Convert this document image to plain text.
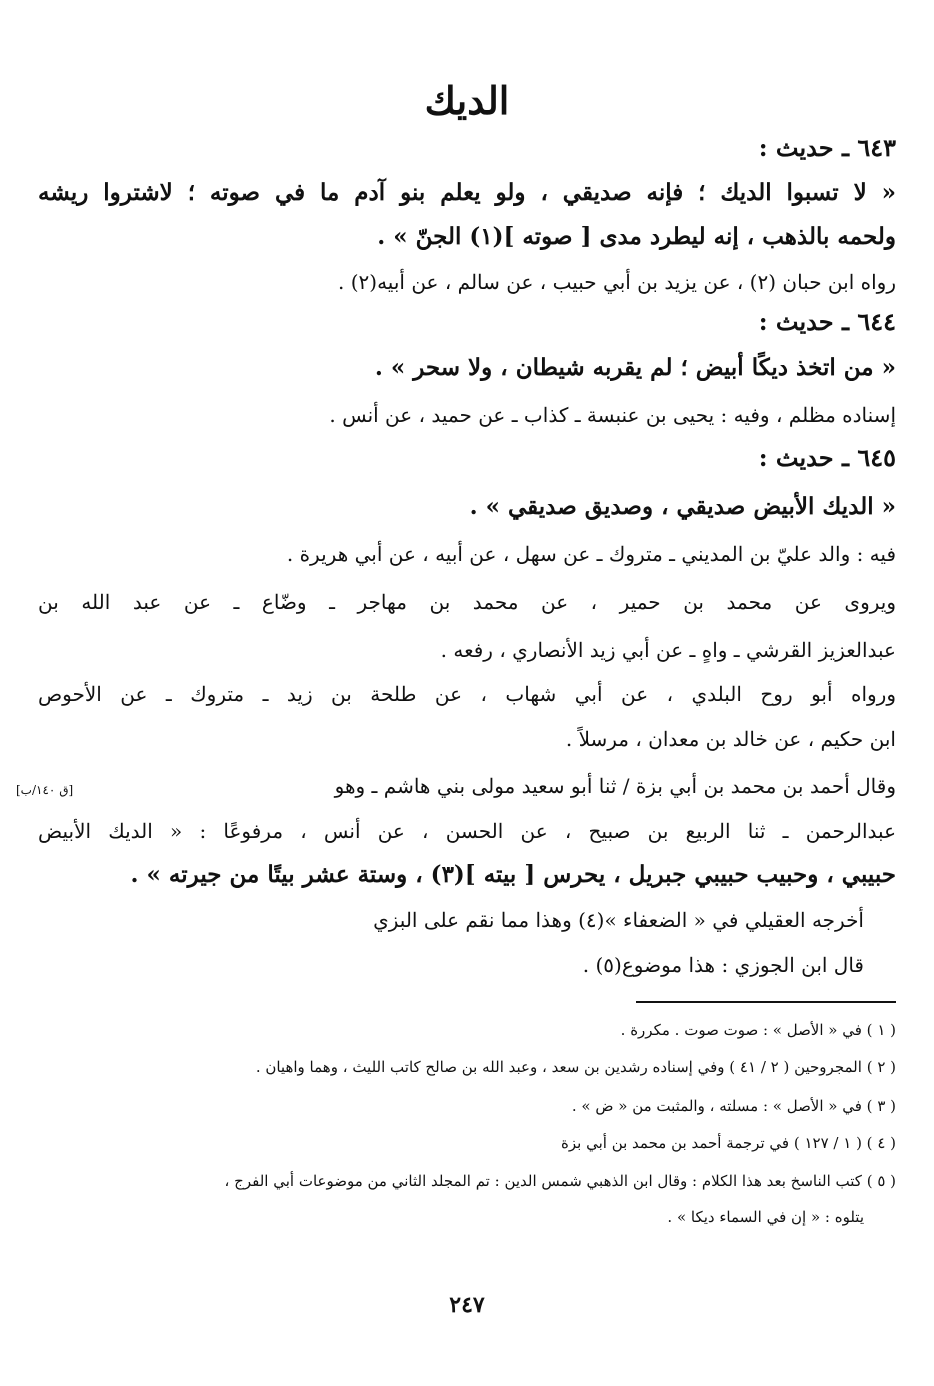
الديك
٦٤٣ ـ حديث :
« لا تسبوا الديك ؛ فإنه صديقي ، ولو يعلم بنو آدم ما في صوته ؛ لاشتروا ريشه
ولحمه بالذهب ، إنه ليطرد مدى [ صوته ](١) الجنّ » .
رواه ابن حبان (٢) ، عن يزيد بن أبي حبيب ، عن سالم ، عن أبيه(٢) .
٦٤٤ ـ حديث :
« من اتخذ ديكًا أبيض ؛ لم يقربه شيطان ، ولا سحر » .
إسناده مظلم ، وفيه : يحيى بن عنبسة ـ كذاب ـ عن حميد ، عن أنس .
٦٤٥ ـ حديث :
« الديك الأبيض صديقي ، وصديق صديقي » .
فيه : والد عليّ بن المديني ـ متروك ـ عن سهل ، عن أبيه ، عن أبي هريرة .
ويروى عن محمد بن حمير ، عن محمد بن مهاجر ـ وضّاع ـ عن عبد الله بن
عبدالعزيز القرشي ـ واهٍ ـ عن أبي زيد الأنصاري ، رفعه .
ورواه أبو روح البلدي ، عن أبي شهاب ، عن طلحة بن زيد ـ متروك ـ عن الأحوص
ابن حكيم ، عن خالد بن معدان ، مرسلاً .
وقال أحمد بن محمد بن أبي بزة / ثنا أبو سعيد مولى بني هاشم ـ وهو
عبدالرحمن ـ ثنا الربيع بن صبيح ، عن الحسن ، عن أنس ، مرفوعًا : « الديك الأبيض
حبيبي ، وحبيب حبيبي جبريل ، يحرس [ بيته ](٣) ، وستة عشر بيتًا من جيرته » .
أخرجه العقيلي في « الضعفاء »(٤) وهذا مما نقم على البزي
قال ابن الجوزي : هذا موضوع(٥) .
[ق ١٤٠/ب]
( ١ ) في « الأصل » : صوت صوت . مكررة .
( ٢ ) المجروحين ( ٢ / ٤١ ) وفي إسناده رشدين بن سعد ، وعبد الله بن صالح كاتب الليث ، وهما واهيان .
( ٣ ) في « الأصل » : مسلته ، والمثبت من « ض » .
( ٤ ) ( ١ / ١٢٧ ) في ترجمة أحمد بن محمد بن أبي بزة
( ٥ ) كتب الناسخ بعد هذا الكلام : وقال ابن الذهبي شمس الدين : تم المجلد الثاني من موضوعات أبي الفرج ،
يتلوه : « إن في السماء ديكا » .
٢٤٧
